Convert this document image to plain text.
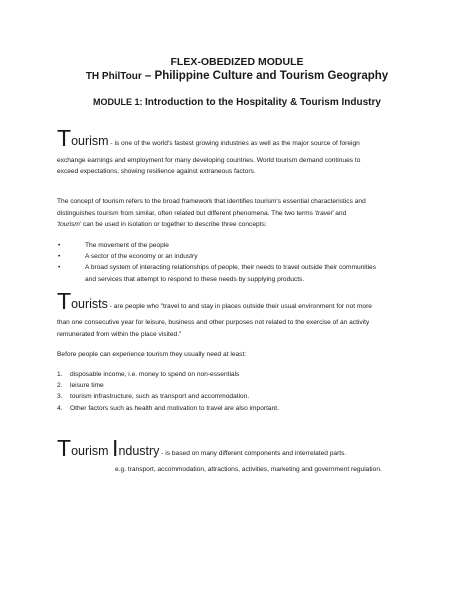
FLEX-OBEDIZED MODULE
TH PhilTour – Philippine Culture and Tourism Geography
MODULE 1: Introduction to the Hospitality & Tourism Industry
Tourism - is one of the world's fastest growing industries as well as the major source of foreign
exchange earnings and employment for many developing countries. World tourism demand continues to
exceed expectations, showing resilience against extraneous factors.
The concept of tourism refers to the broad framework that identifies tourism's essential characteristics and
distinguishes tourism from similar, often related but different phenomena. The two terms 'travel' and
'tourism' can be used in isolation or together to describe three concepts:
•	The movement of the people
•	A sector of the economy or an industry
•	A broad system of interacting relationships of people, their needs to travel outside their communities
and services that attempt to respond to these needs by supplying products.
Tourists - are people who "travel to and stay in places outside their usual environment for not more
than one consecutive year for leisure, business and other purposes not related to the exercise of an activity
remunerated from within the place visited."
Before people can experience tourism they usually need at least:
1. disposable income, i.e. money to spend on non-essentials
2. leisure time
3. tourism infrastructure, such as transport and accommodation.
4. Other factors such as health and motivation to travel are also important.
Tourism Industry - is based on many different components and interrelated parts.
e.g. transport, accommodation, attractions, activities, marketing and government regulation.
